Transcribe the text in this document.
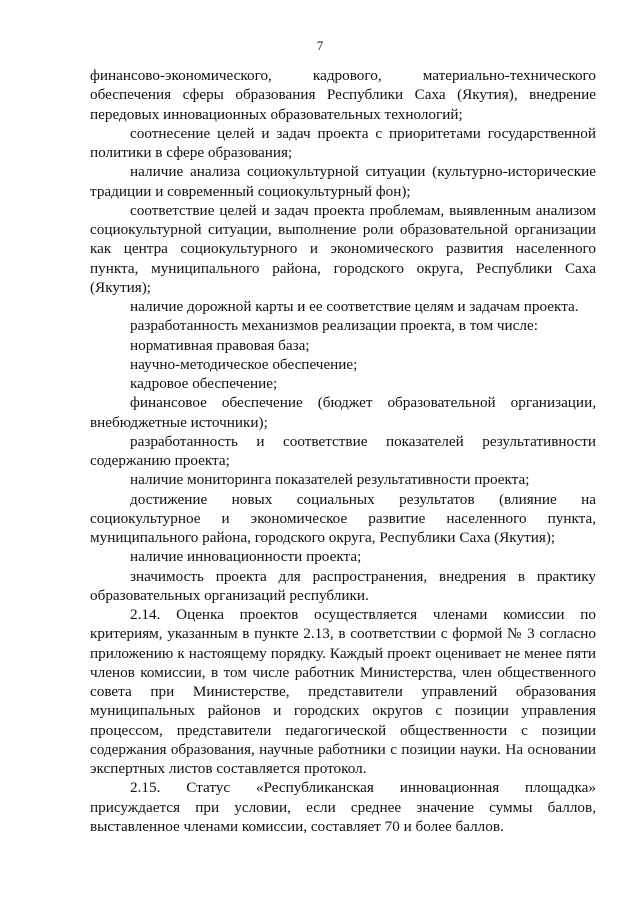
7

финансово-экономического, кадрового, материально-технического обеспечения сферы образования Республики Саха (Якутия), внедрение передовых инновационных образовательных технологий;

соотнесение целей и задач проекта с приоритетами государственной политики в сфере образования;

наличие анализа социокультурной ситуации (культурно-исторические традиции и современный социокультурный фон);

соответствие целей и задач проекта проблемам, выявленным анализом социокультурной ситуации, выполнение роли образовательной организации как центра социокультурного и экономического развития населенного пункта, муниципального района, городского округа, Республики Саха (Якутия);

наличие дорожной карты и ее соответствие целям и задачам проекта.

разработанность механизмов реализации проекта, в том числе:

нормативная правовая база;

научно-методическое обеспечение;

кадровое обеспечение;

финансовое обеспечение (бюджет образовательной организации, внебюджетные источники);

разработанность и соответствие показателей результативности содержанию проекта;

наличие мониторинга показателей результативности проекта;

достижение новых социальных результатов (влияние на социокультурное и экономическое развитие населенного пункта, муниципального района, городского округа, Республики Саха (Якутия);

наличие инновационности проекта;

значимость проекта для распространения, внедрения в практику образовательных организаций республики.

2.14. Оценка проектов осуществляется членами комиссии по критериям, указанным в пункте 2.13, в соответствии с формой № 3 согласно приложению к настоящему порядку. Каждый проект оценивает не менее пяти членов комиссии, в том числе работник Министерства, член общественного совета при Министерстве, представители управлений образования муниципальных районов и городских округов с позиции управления процессом, представители педагогической общественности с позиции содержания образования, научные работники с позиции науки. На основании экспертных листов составляется протокол.

2.15. Статус «Республиканская инновационная площадка» присуждается при условии, если среднее значение суммы баллов, выставленное членами комиссии, составляет 70 и более баллов.
